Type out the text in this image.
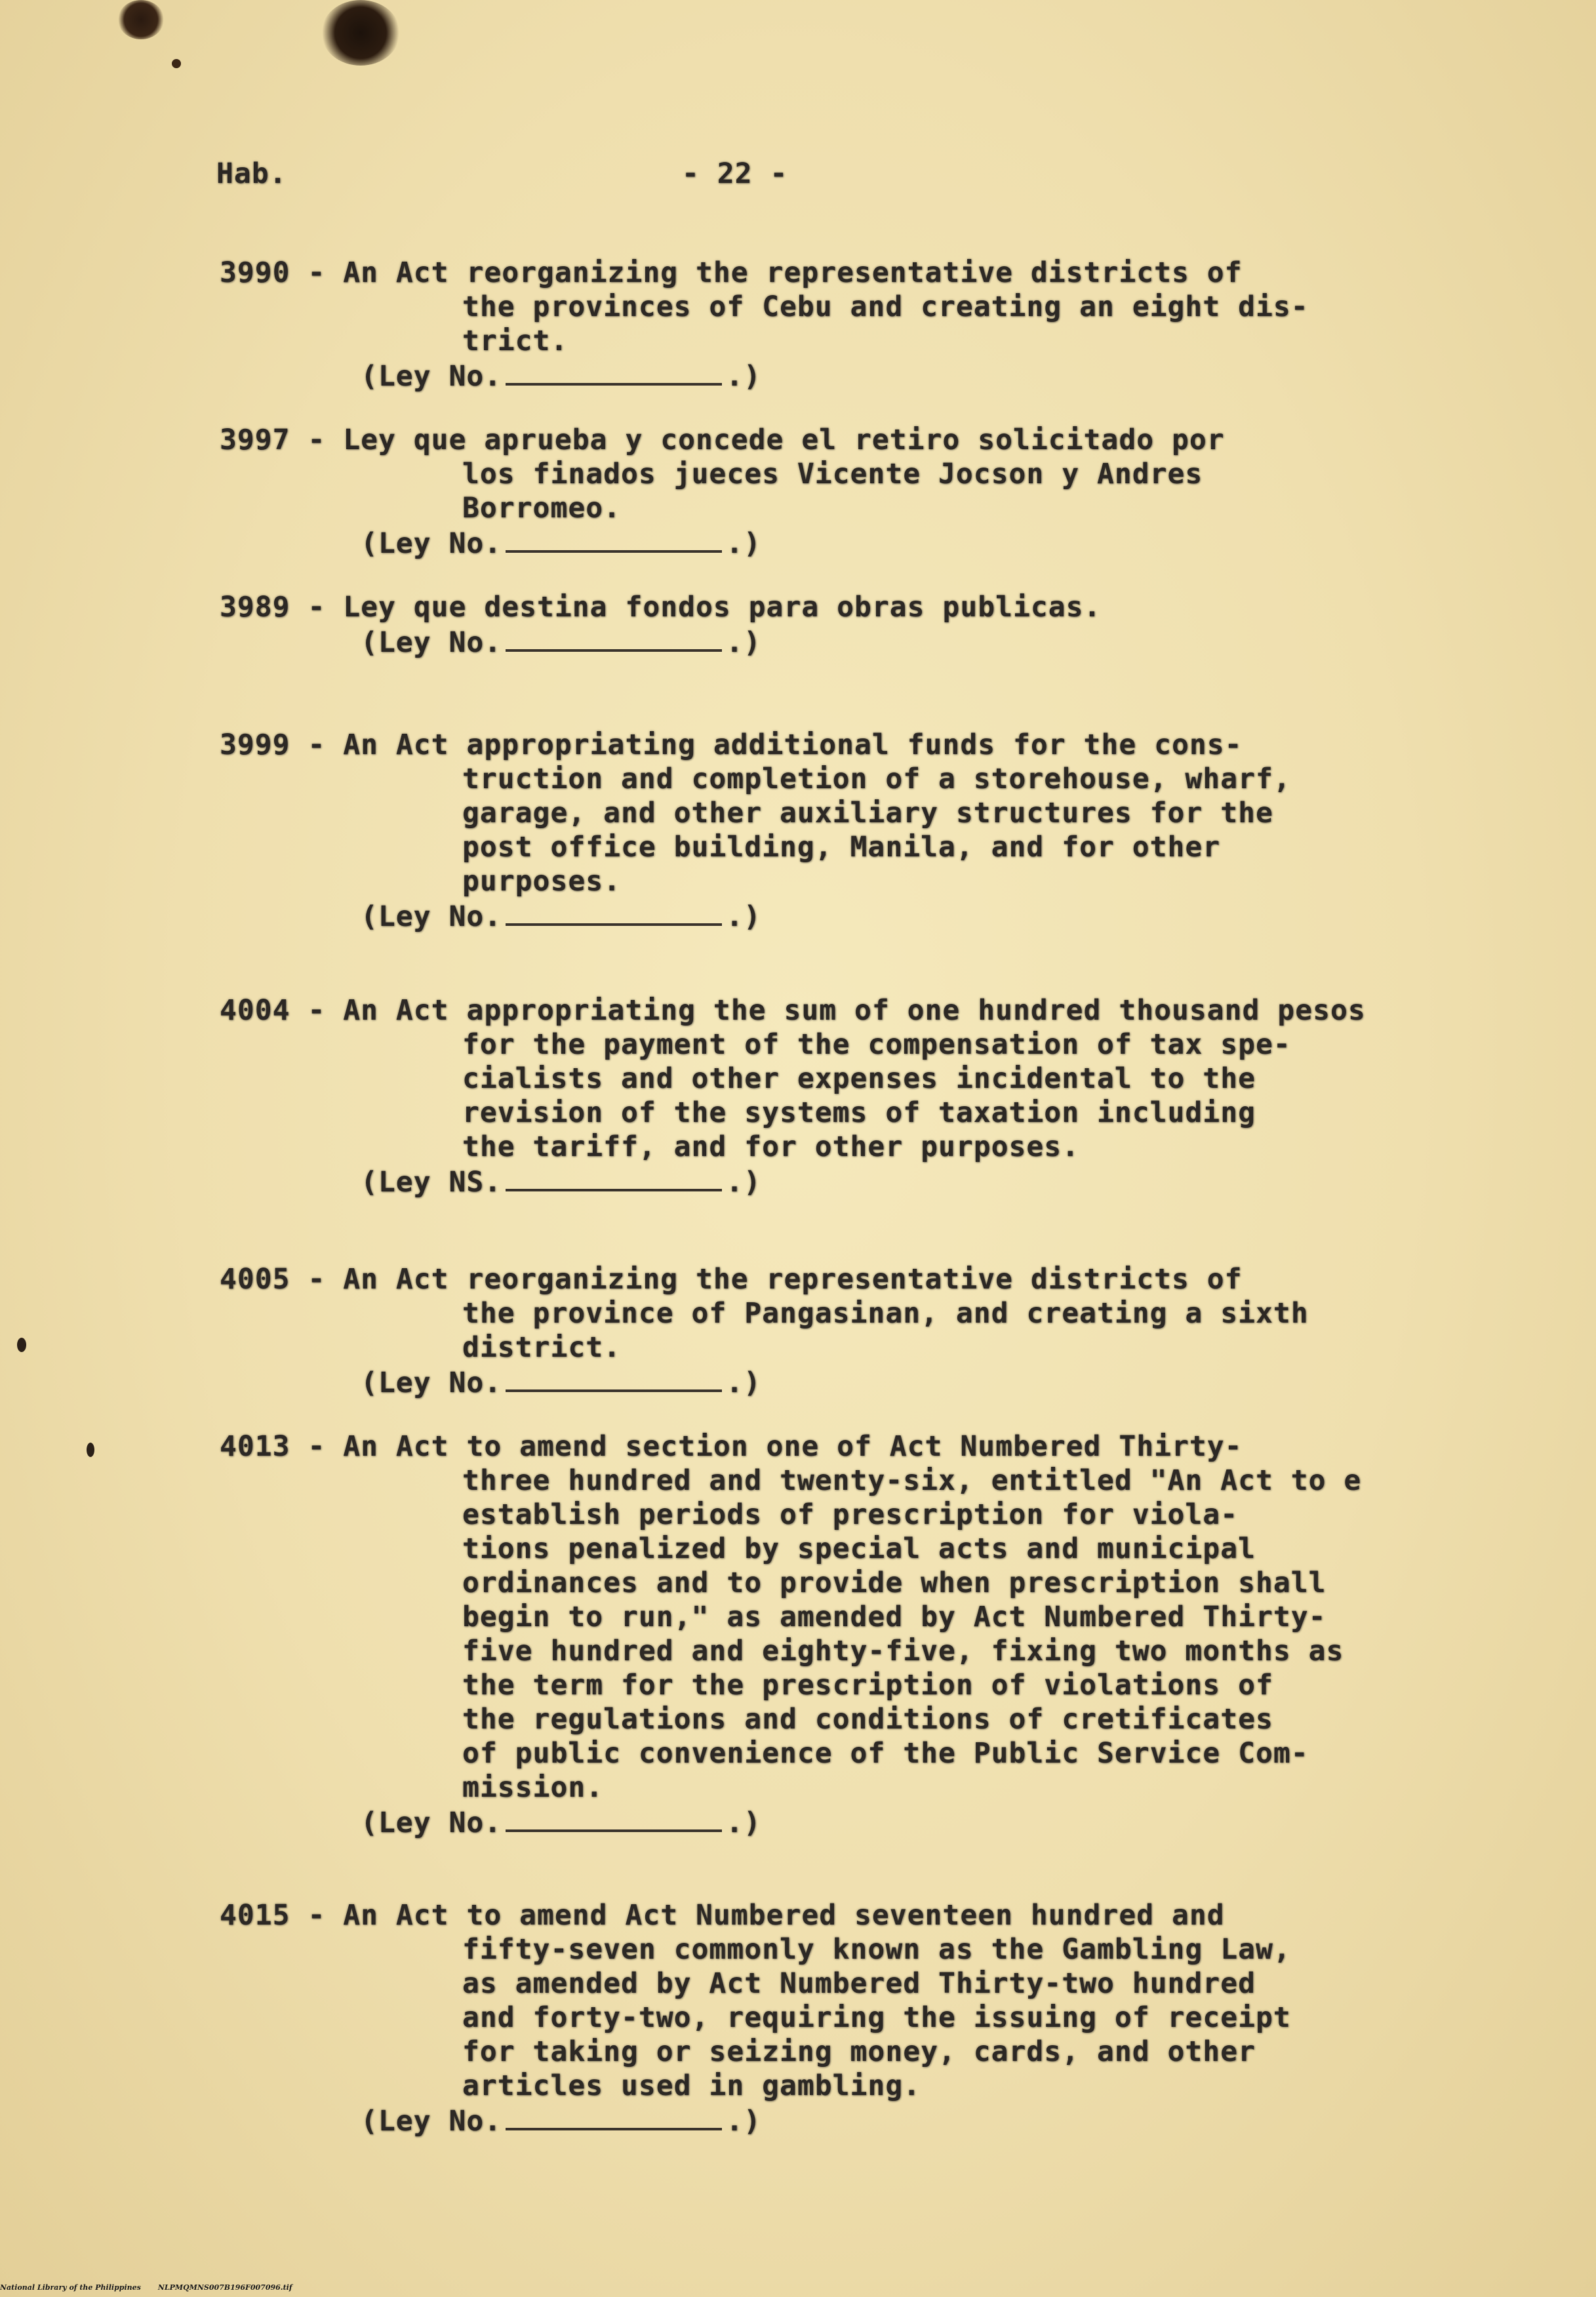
Hab.	- 22 -
3990 - An Act reorganizing the representative districts of
the provinces of Cebu and creating an eight dis-
trict.
(Ley No.	.)
3997 - Ley que aprueba y concede el retiro solicitado por
los finados jueces Vicente Jocson y Andres
Borromeo.
(Ley No.	.)
3989 - Ley que destina fondos para obras publicas.
(Ley No.	.)
3999 - An Act appropriating additional funds for the cons-
truction and completion of a storehouse, wharf,
garage, and other auxiliary structures for the
post office building, Manila, and for other
purposes.
(Ley No.	.)
4004 - An Act appropriating the sum of one hundred thousand pesos
for the payment of the compensation of tax spe-
cialists and other expenses incidental to the
revision of the systems of taxation including
the tariff, and for other purposes.
(Ley NS.	.)
4005 - An Act reorganizing the representative districts of
the province of Pangasinan, and creating a sixth
district.
(Ley No.	.)
4013 - An Act to amend section one of Act Numbered Thirty-
three hundred and twenty-six, entitled "An Act to e
establish periods of prescription for viola-
tions penalized by special acts and municipal
ordinances and to provide when prescription shall
begin to run," as amended by Act Numbered Thirty-
five hundred and eighty-five, fixing two months as
the term for the prescription of violations of
the regulations and conditions of cretificates
of public convenience of the Public Service Com-
mission.
(Ley No.	.)
4015 - An Act to amend Act Numbered seventeen hundred and
fifty-seven commonly known as the Gambling Law,
as amended by Act Numbered Thirty-two hundred
and forty-two, requiring the issuing of receipt
for taking or seizing money, cards, and other
articles used in gambling.
(Ley No.	.)
National Library of the Philippines NLPMQMNS007B196F007096.tif
